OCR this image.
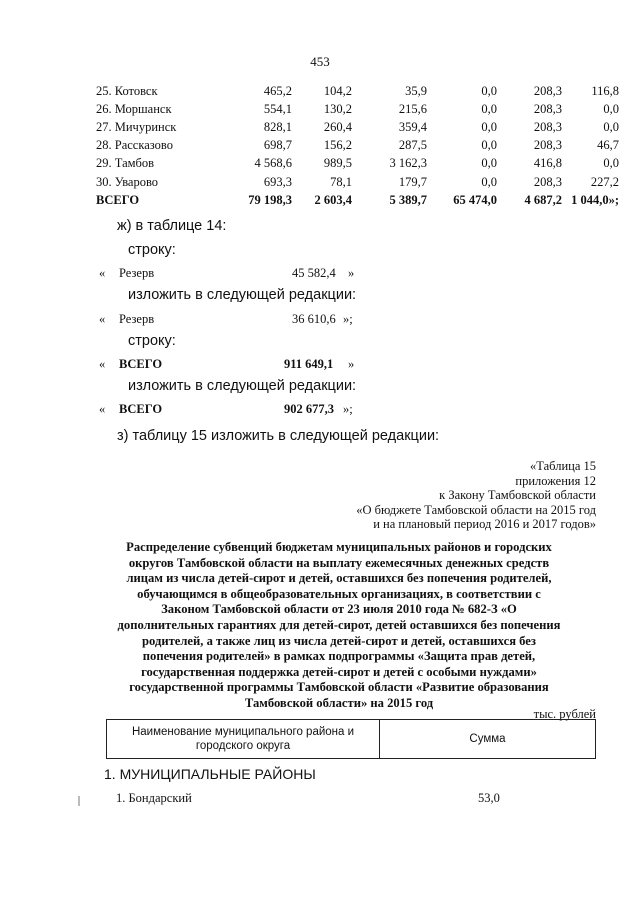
453
25. Котовск	465,2	104,2	35,9	0,0	208,3	116,8
26. Моршанск	554,1	130,2	215,6	0,0	208,3	0,0
27. Мичуринск	828,1	260,4	359,4	0,0	208,3	0,0
28. Рассказово	698,7	156,2	287,5	0,0	208,3	46,7
29. Тамбов	4 568,6	989,5	3 162,3	0,0	416,8	0,0
30. Уварово	693,3	78,1	179,7	0,0	208,3	227,2
ВСЕГО	79 198,3	2 603,4	5 389,7	65 474,0	4 687,2	1 044,0»;
ж) в таблице 14:
строку:
« Резерв	45 582,4 »
изложить в следующей редакции:
« Резерв	36 610,6 »;
строку:
« ВСЕГО	911 649,1 »
изложить в следующей редакции:
« ВСЕГО	902 677,3 »;
з) таблицу 15 изложить в следующей редакции:
«Таблица 15
приложения 12
к Закону Тамбовской области
«О бюджете Тамбовской области на 2015 год
и на плановый период 2016 и 2017 годов»
Распределение субвенций бюджетам муниципальных районов и городских
округов Тамбовской области на выплату ежемесячных денежных средств
лицам из числа детей-сирот и детей, оставшихся без попечения родителей,
обучающимся в общеобразовательных организациях, в соответствии с
Законом Тамбовской области от 23 июля 2010 года № 682-З «О
дополнительных гарантиях для детей-сирот, детей оставшихся без попечения
родителей, а также лиц из числа детей-сирот и детей, оставшихся без
попечения родителей» в рамках подпрограммы «Защита прав детей,
государственная поддержка детей-сирот и детей с особыми нуждами»
государственной программы Тамбовской области «Развитие образования
Тамбовской области» на 2015 год
тыс. рублей
Наименование муниципального района и городского округа	Сумма
1. МУНИЦИПАЛЬНЫЕ РАЙОНЫ
1. Бондарский	53,0
